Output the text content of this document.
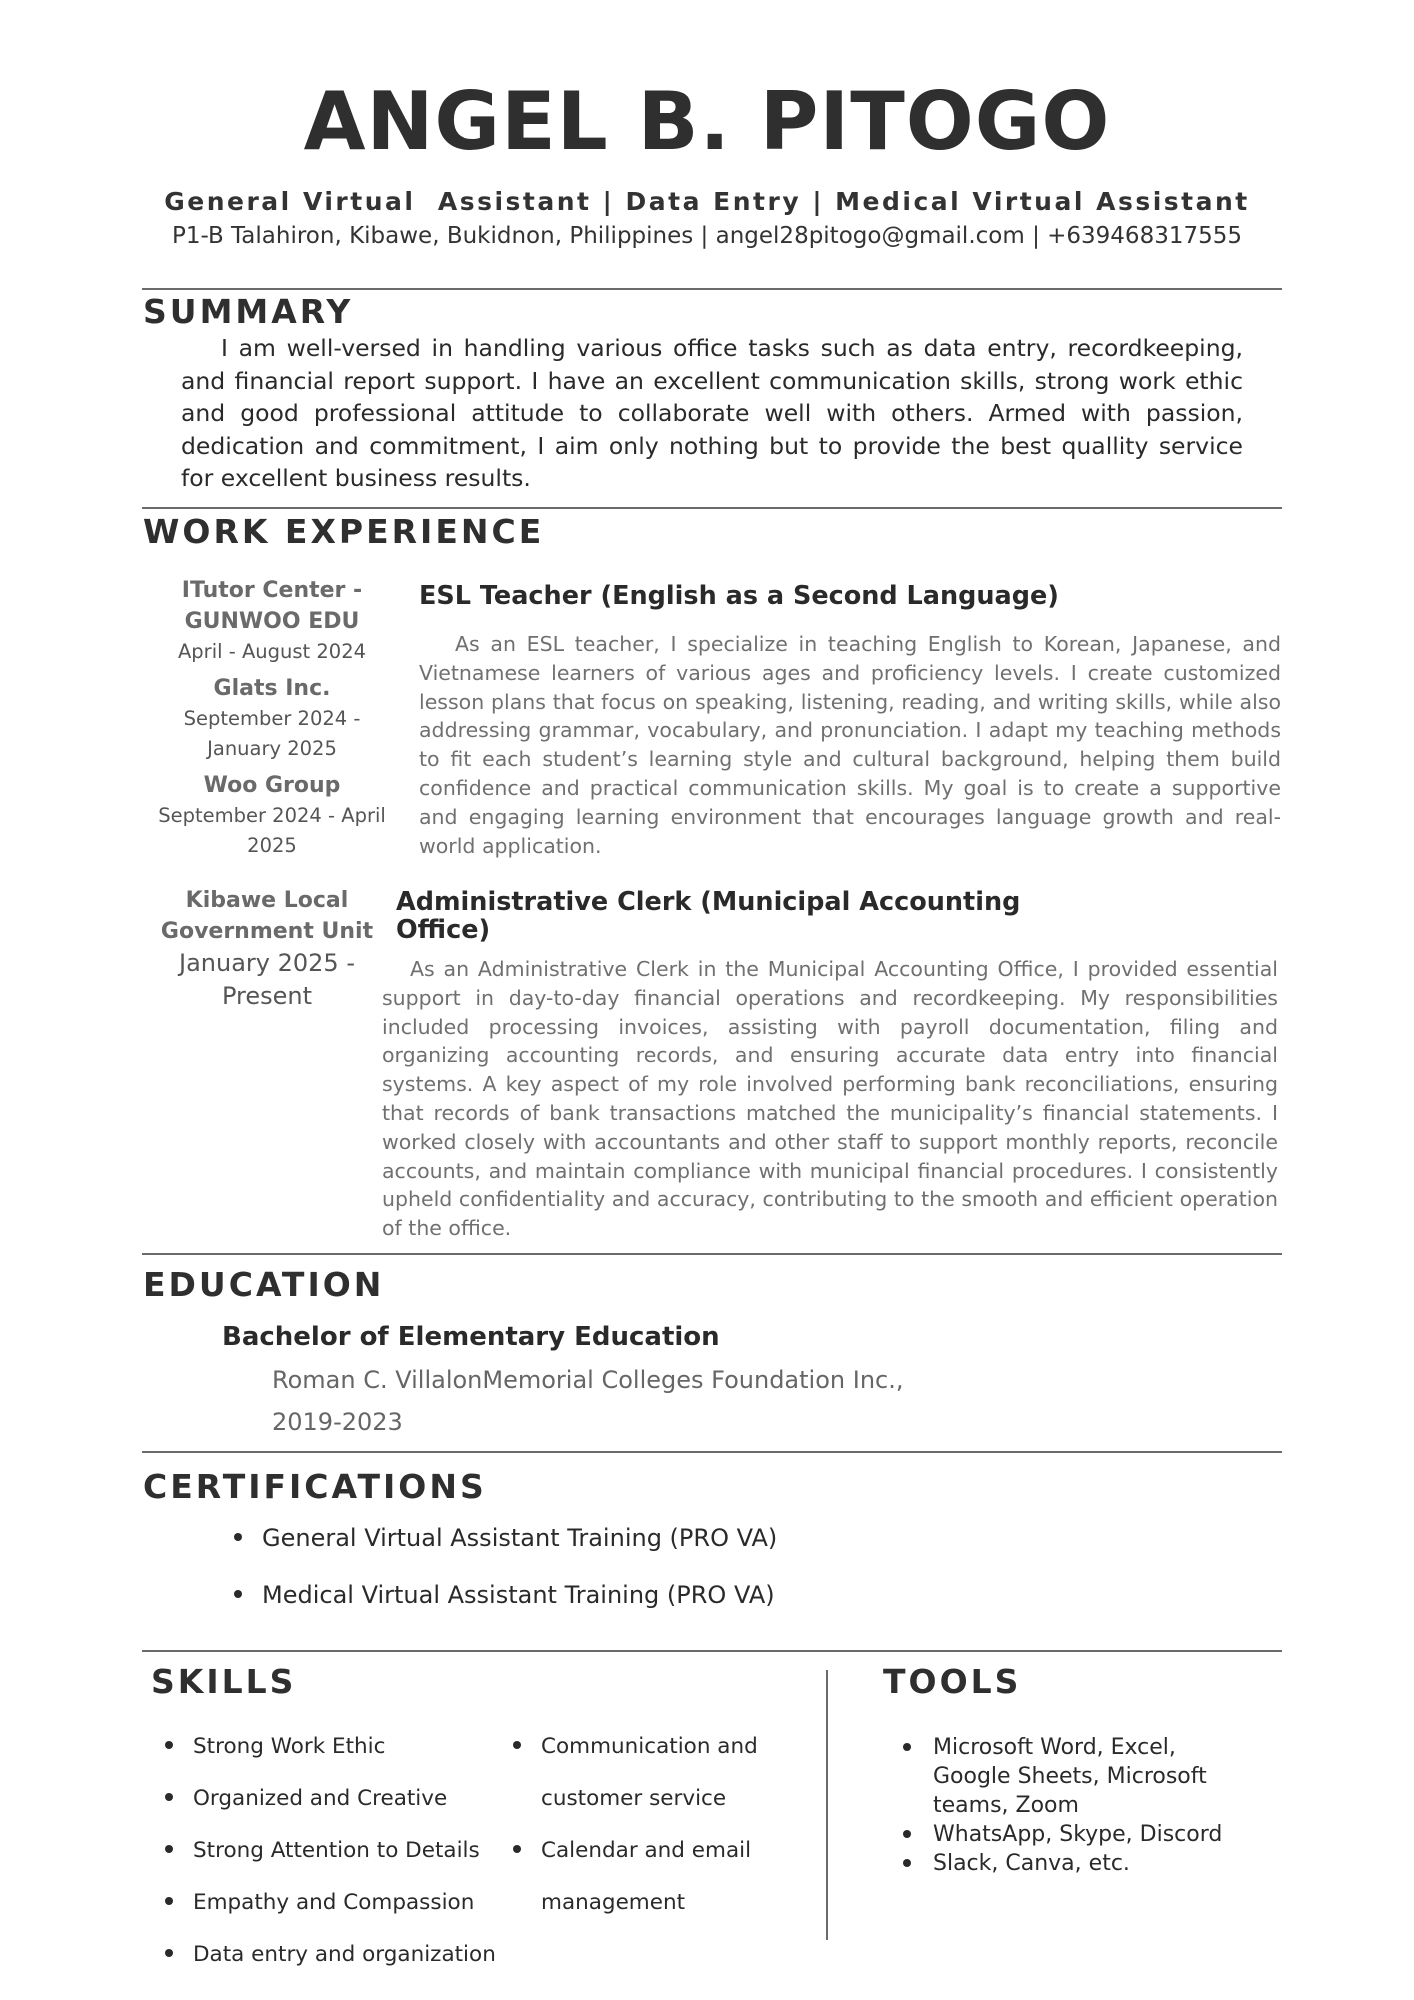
ANGEL B. PITOGO
General Virtual  Assistant | Data Entry | Medical Virtual Assistant
P1-B Talahiron, Kibawe, Bukidnon, Philippines | angel28pitogo@gmail.com | +639468317555
SUMMARY
I am well-versed in handling various office tasks such as data entry, recordkeeping, and financial report support. I have an excellent communication skills, strong work ethic and good professional attitude to collaborate well with others. Armed with passion, dedication and commitment, I aim only nothing but to provide the best quallity service for excellent business results.
WORK EXPERIENCE
ITutor Center -
GUNWOO EDU
April - August 2024
Glats Inc.
September 2024 -
January 2025
Woo Group
September 2024 - April
2025
ESL Teacher (English as a Second Language)
As an ESL teacher, I specialize in teaching English to Korean, Japanese, and Vietnamese learners of various ages and proficiency levels. I create customized lesson plans that focus on speaking, listening, reading, and writing skills, while also addressing grammar, vocabulary, and pronunciation. I adapt my teaching methods to fit each student’s learning style and cultural background, helping them build confidence and practical communication skills. My goal is to create a supportive and engaging learning environment that encourages language growth and real-world application.
Kibawe Local
Government Unit
January 2025 -
Present
Administrative Clerk (Municipal Accounting
Office)
As an Administrative Clerk in the Municipal Accounting Office, I provided essential support in day-to-day financial operations and recordkeeping. My responsibilities included processing invoices, assisting with payroll documentation, filing and organizing accounting records, and ensuring accurate data entry into financial systems. A key aspect of my role involved performing bank reconciliations, ensuring that records of bank transactions matched the municipality’s financial statements. I worked closely with accountants and other staff to support monthly reports, reconcile accounts, and maintain compliance with municipal financial procedures. I consistently upheld confidentiality and accuracy, contributing to the smooth and efficient operation of the office.
EDUCATION
Bachelor of Elementary Education
Roman C. VillalonMemorial Colleges Foundation Inc.,
2019-2023
CERTIFICATIONS
General Virtual Assistant Training (PRO VA)
Medical Virtual Assistant Training (PRO VA)
SKILLS
Strong Work Ethic
Organized and Creative
Strong Attention to Details
Empathy and Compassion
Data entry and organization
Communication and
customer service
Calendar and email
management
TOOLS
Microsoft Word, Excel,
Google Sheets, Microsoft
teams, Zoom
WhatsApp, Skype, Discord
Slack, Canva, etc.
